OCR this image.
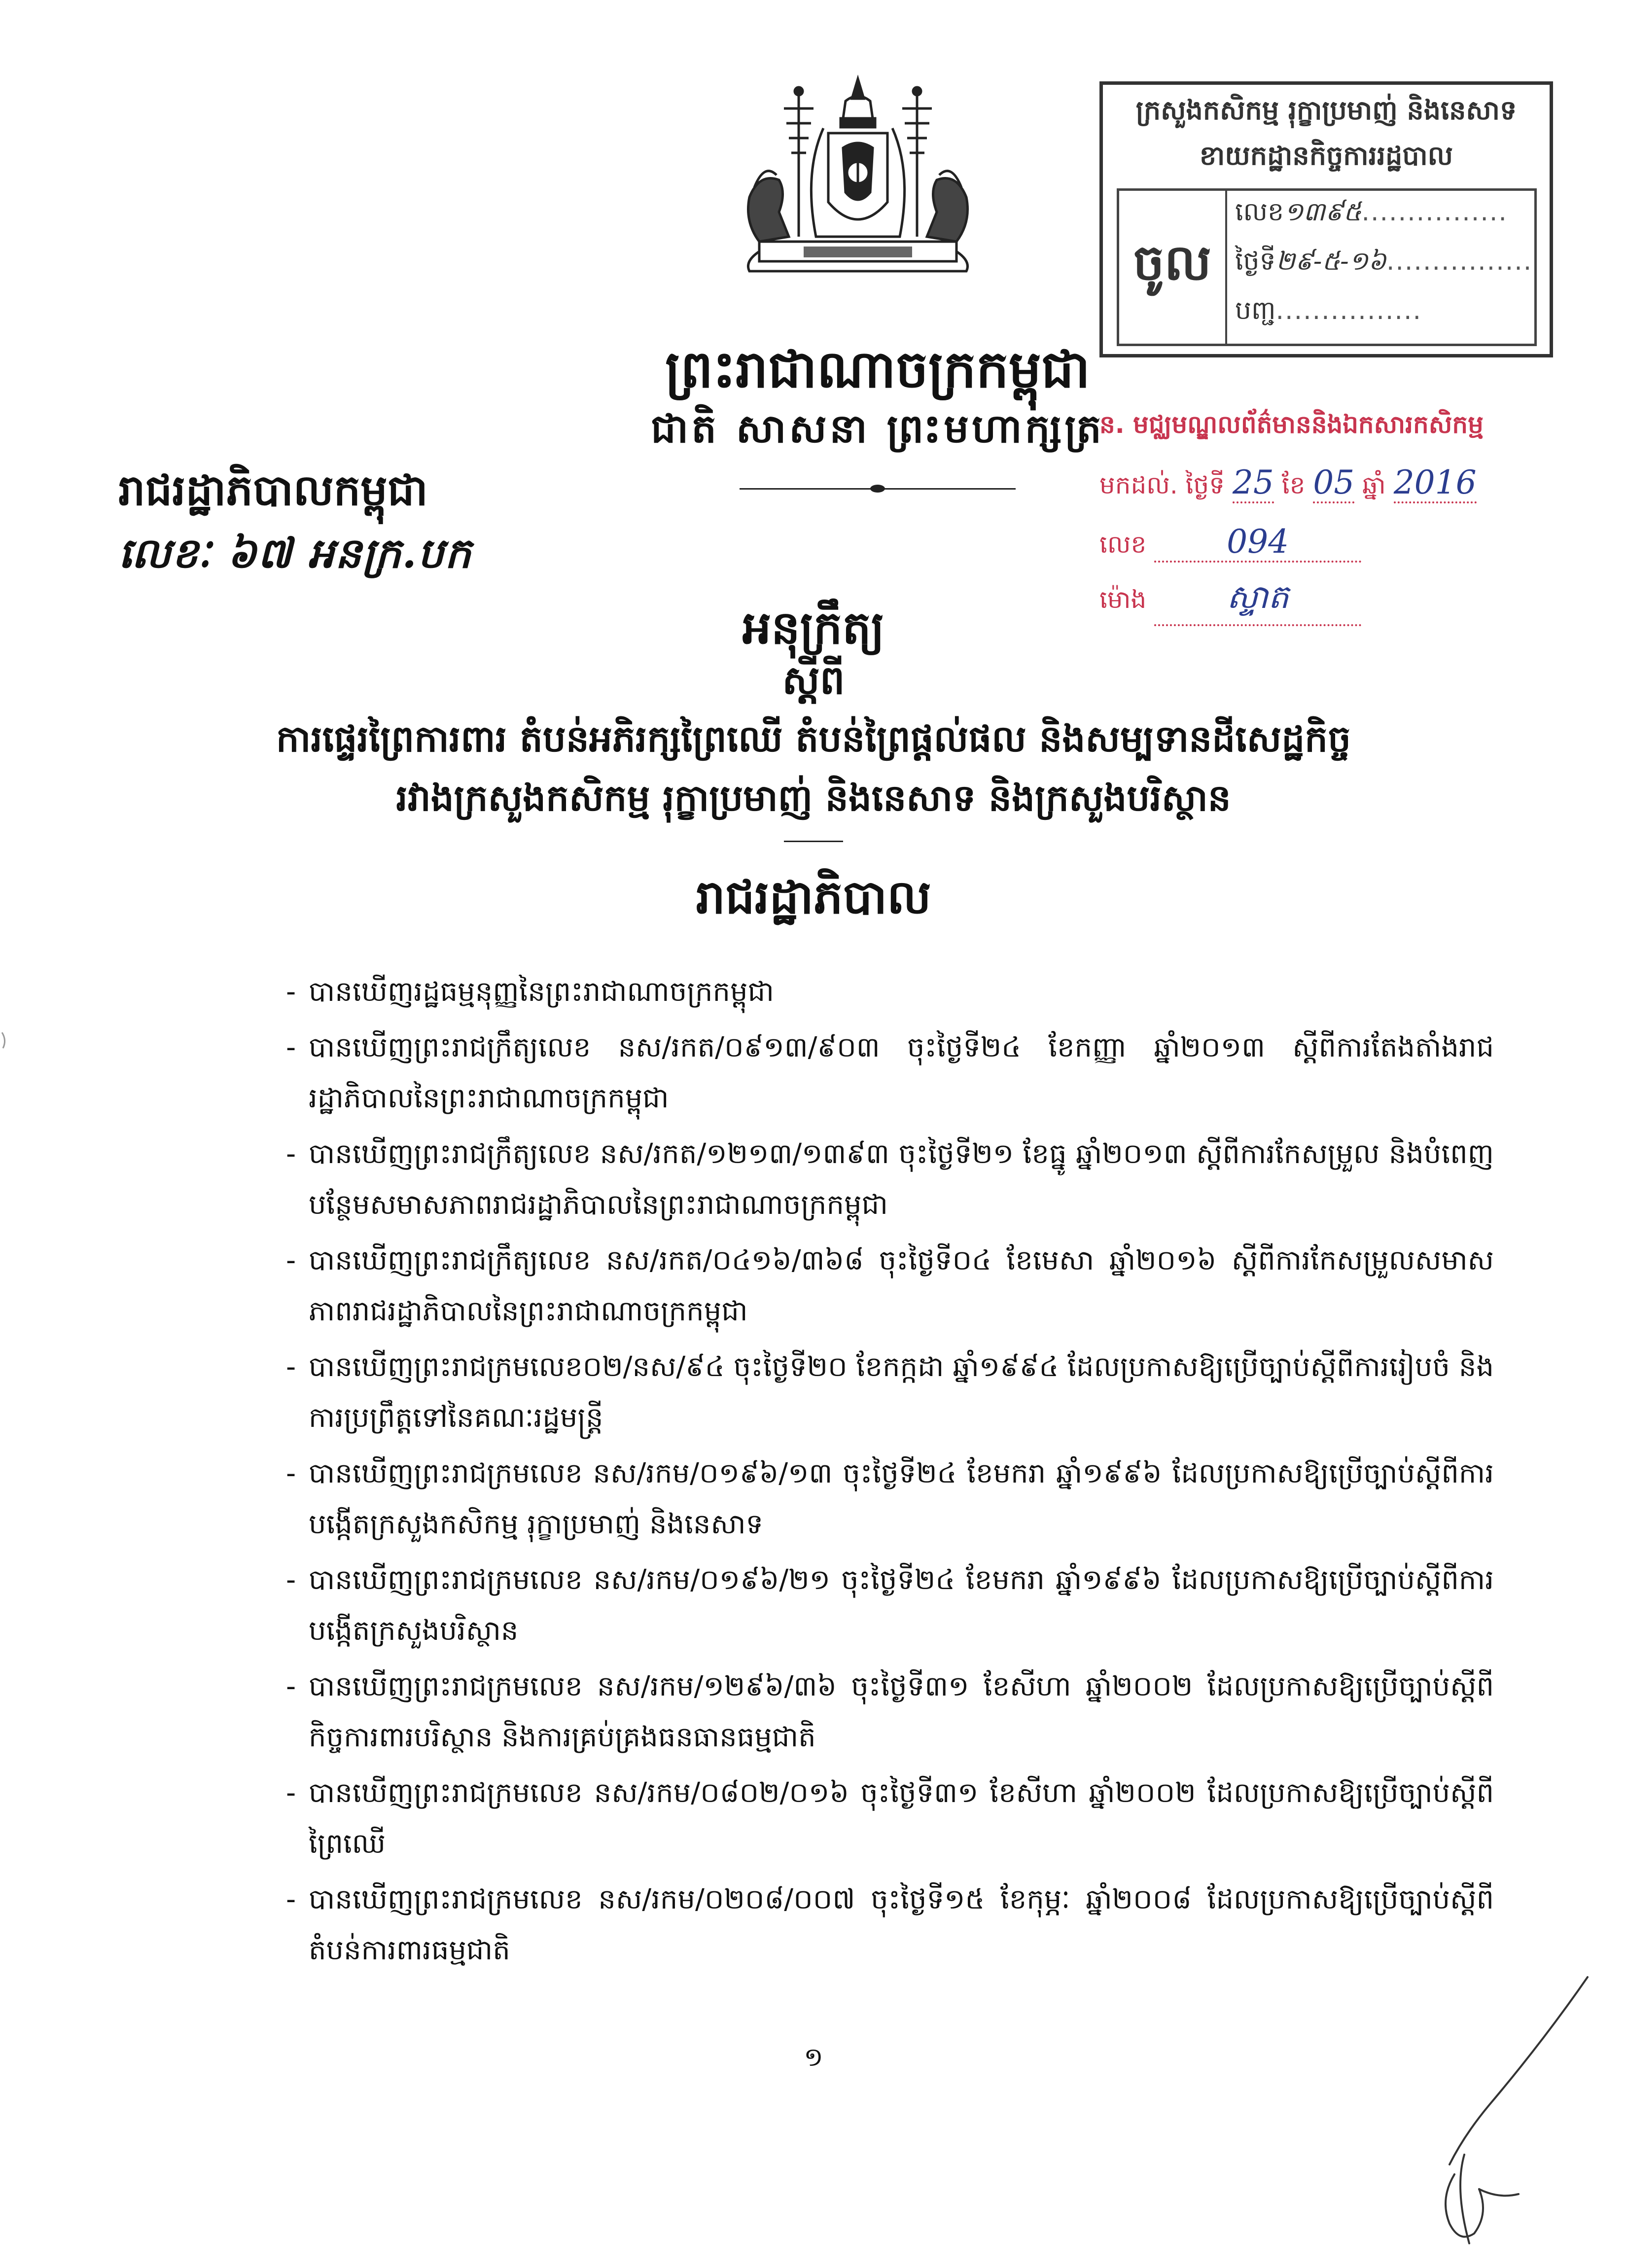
ព្រះរាជាណាចក្រកម្ពុជា
ជាតិ សាសនា ព្រះមហាក្សត្រ
រាជរដ្ឋាភិបាលកម្ពុជា
លេខៈ ៦៧ អនក្រ.បក
ក្រសួងកសិកម្ម រុក្ខាប្រមាញ់ និងនេសាទ
ខាយកដ្ឋានកិច្ចការរដ្ឋបាល
ចូល
លេខ១៣៩៥................
ថ្ងៃទី២៩-៥-១៦................
បញ្ជ................
ន. មជ្ឈមណ្ឌលព័ត៌មាននិងឯកសារកសិកម្ម
មកដល់. ថ្ងៃទី 25 ខែ 05 ឆ្នាំ 2016
លេខ 094
ម៉ោង ស្ទាត
អនុក្រឹត្យ
ស្តីពី
ការផ្ទេរព្រៃការពារ តំបន់អភិរក្សព្រៃឈើ តំបន់ព្រៃផ្តល់ផល និងសម្បទានដីសេដ្ឋកិច្ច
រវាងក្រសួងកសិកម្ម រុក្ខាប្រមាញ់ និងនេសាទ និងក្រសួងបរិស្ថាន
រាជរដ្ឋាភិបាល
- បានឃើញរដ្ឋធម្មនុញ្ញនៃព្រះរាជាណាចក្រកម្ពុជា
- បានឃើញព្រះរាជក្រឹត្យលេខ នស/រកត/០៩១៣/៩០៣ ចុះថ្ងៃទី២៤ ខែកញ្ញា ឆ្នាំ២០១៣ ស្តីពីការតែងតាំងរាជរដ្ឋាភិបាលនៃព្រះរាជាណាចក្រកម្ពុជា
- បានឃើញព្រះរាជក្រឹត្យលេខ នស/រកត/១២១៣/១៣៩៣ ចុះថ្ងៃទី២១ ខែធ្នូ ឆ្នាំ២០១៣ ស្តីពីការកែសម្រួល និងបំពេញបន្ថែមសមាសភាពរាជរដ្ឋាភិបាលនៃព្រះរាជាណាចក្រកម្ពុជា
- បានឃើញព្រះរាជក្រឹត្យលេខ នស/រកត/០៤១៦/៣៦៨ ចុះថ្ងៃទី០៤ ខែមេសា ឆ្នាំ២០១៦ ស្តីពីការកែសម្រួលសមាសភាពរាជរដ្ឋាភិបាលនៃព្រះរាជាណាចក្រកម្ពុជា
- បានឃើញព្រះរាជក្រមលេខ០២/នស/៩៤ ចុះថ្ងៃទី២០ ខែកក្កដា ឆ្នាំ១៩៩៤ ដែលប្រកាសឱ្យប្រើច្បាប់ស្តីពីការរៀបចំ និងការប្រព្រឹត្តទៅនៃគណៈរដ្ឋមន្ត្រី
- បានឃើញព្រះរាជក្រមលេខ នស/រកម/០១៩៦/១៣ ចុះថ្ងៃទី២៤ ខែមករា ឆ្នាំ១៩៩៦ ដែលប្រកាសឱ្យប្រើច្បាប់ស្តីពីការបង្កើតក្រសួងកសិកម្ម រុក្ខាប្រមាញ់ និងនេសាទ
- បានឃើញព្រះរាជក្រមលេខ នស/រកម/០១៩៦/២១ ចុះថ្ងៃទី២៤ ខែមករា ឆ្នាំ១៩៩៦ ដែលប្រកាសឱ្យប្រើច្បាប់ស្តីពីការបង្កើតក្រសួងបរិស្ថាន
- បានឃើញព្រះរាជក្រមលេខ នស/រកម/១២៩៦/៣៦ ចុះថ្ងៃទី៣១ ខែសីហា ឆ្នាំ២០០២ ដែលប្រកាសឱ្យប្រើច្បាប់ស្តីពីកិច្ចការពារបរិស្ថាន និងការគ្រប់គ្រងធនធានធម្មជាតិ
- បានឃើញព្រះរាជក្រមលេខ នស/រកម/០៨០២/០១៦ ចុះថ្ងៃទី៣១ ខែសីហា ឆ្នាំ២០០២ ដែលប្រកាសឱ្យប្រើច្បាប់ស្តីពីព្រៃឈើ
- បានឃើញព្រះរាជក្រមលេខ នស/រកម/០២០៨/០០៧ ចុះថ្ងៃទី១៥ ខែកុម្ភៈ ឆ្នាំ២០០៨ ដែលប្រកាសឱ្យប្រើច្បាប់ស្តីពីតំបន់ការពារធម្មជាតិ
១
